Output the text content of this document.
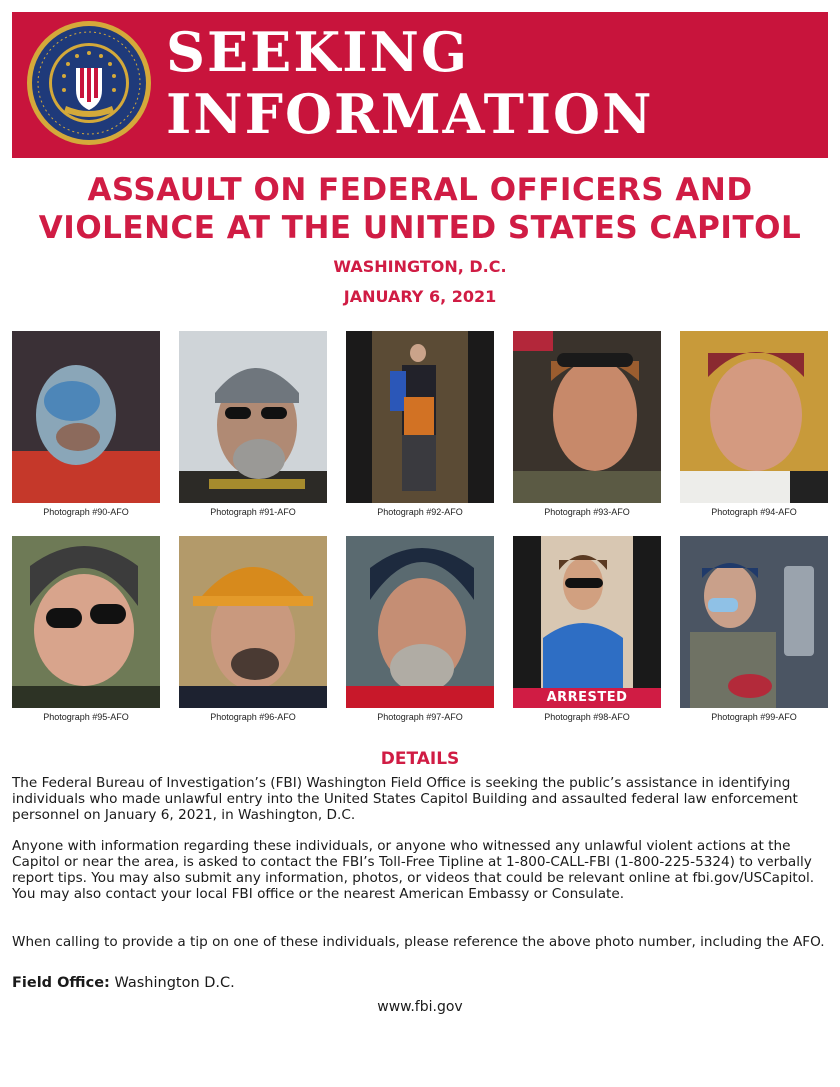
SEEKING
INFORMATION
ASSAULT ON FEDERAL OFFICERS AND
VIOLENCE AT THE UNITED STATES CAPITOL
WASHINGTON, D.C.
JANUARY 6, 2021
Photograph #90-AFO	Photograph #91-AFO	Photograph #92-AFO	Photograph #93-AFO	Photograph #94-AFO
Photograph #95-AFO	Photograph #96-AFO	Photograph #97-AFO
ARRESTED
Photograph #98-AFO	Photograph #99-AFO
DETAILS
The Federal Bureau of Investigation’s (FBI) Washington Field Office is seeking the public’s assistance in identifying individuals who made unlawful entry into the United States Capitol Building and assaulted federal law enforcement personnel on January 6, 2021, in Washington, D.C.
Anyone with information regarding these individuals, or anyone who witnessed any unlawful violent actions at the Capitol or near the area, is asked to contact the FBI’s Toll-Free Tipline at 1-800-CALL-FBI (1-800-225-5324) to verbally report tips. You may also submit any information, photos, or videos that could be relevant online at fbi.gov/USCapitol. You may also contact your local FBI office or the nearest American Embassy or Consulate.
When calling to provide a tip on one of these individuals, please reference the above photo number, including the AFO.
Field Office: Washington D.C.
www.fbi.gov
